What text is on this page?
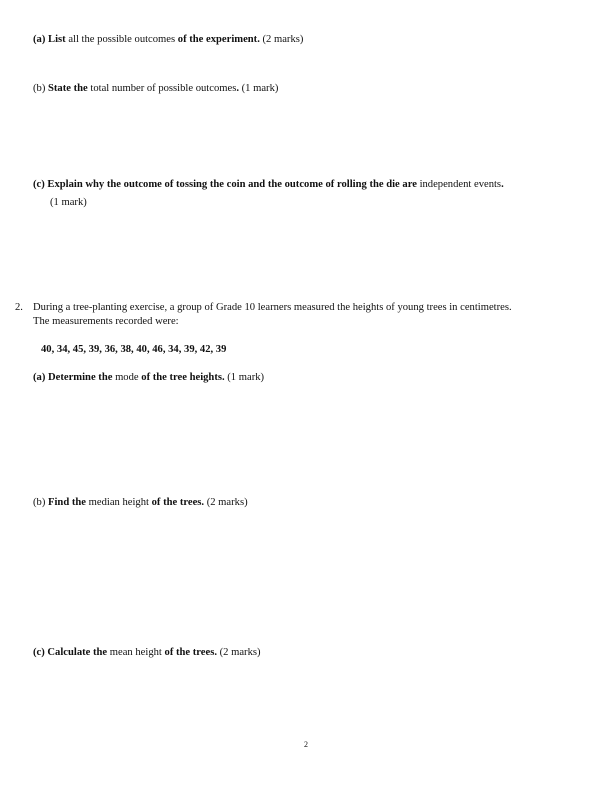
(a) List all the possible outcomes of the experiment. (2 marks)
(b) State the total number of possible outcomes. (1 mark)
(c) Explain why the outcome of tossing the coin and the outcome of rolling the die are independent events.
(1 mark)
2. During a tree-planting exercise, a group of Grade 10 learners measured the heights of young trees in centimetres.
The measurements recorded were:
40, 34, 45, 39, 36, 38, 40, 46, 34, 39, 42, 39
(a) Determine the mode of the tree heights. (1 mark)
(b) Find the median height of the trees. (2 marks)
(c) Calculate the mean height of the trees. (2 marks)
2
